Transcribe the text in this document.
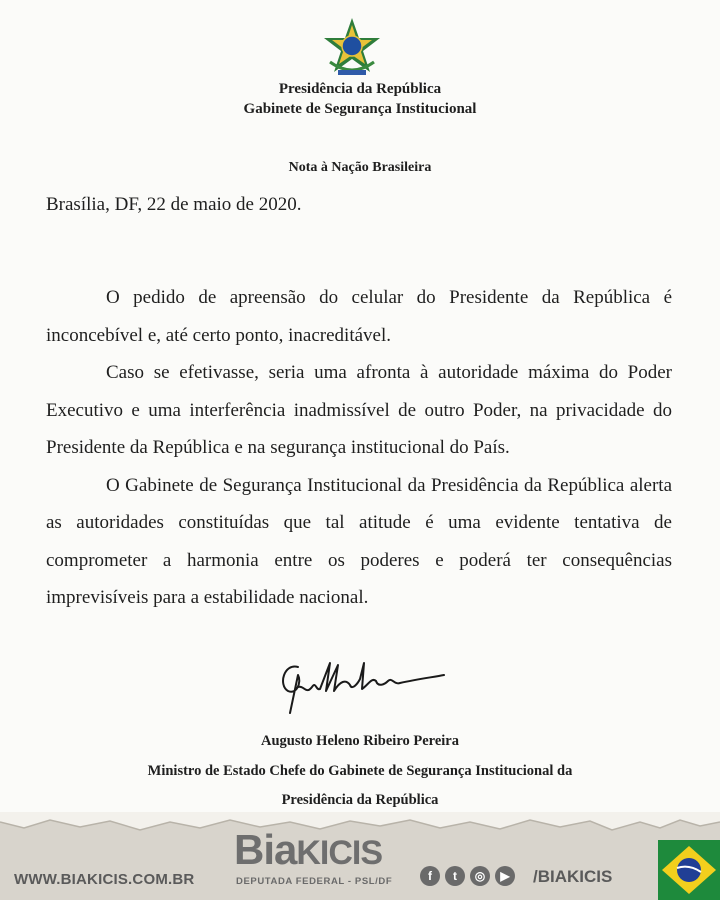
Presidência da República
Gabinete de Segurança Institucional
Nota à Nação Brasileira
Brasília, DF, 22 de maio de 2020.

O pedido de apreensão do celular do Presidente da República é inconcebível e, até certo ponto, inacreditável.

Caso se efetivasse, seria uma afronta à autoridade máxima do Poder Executivo e uma interferência inadmissível de outro Poder, na privacidade do Presidente da República e na segurança institucional do País.

O Gabinete de Segurança Institucional da Presidência da República alerta as autoridades constituídas que tal atitude é uma evidente tentativa de comprometer a harmonia entre os poderes e poderá ter consequências imprevisíveis para a estabilidade nacional.

Augusto Heleno Ribeiro Pereira
Ministro de Estado Chefe do Gabinete de Segurança Institucional da
Presidência da República
BiaKICIS
DEPUTADA FEDERAL - PSL/DF
WWW.BIAKICIS.COM.BR	f	t	◎	▶	/BIAKICIS
